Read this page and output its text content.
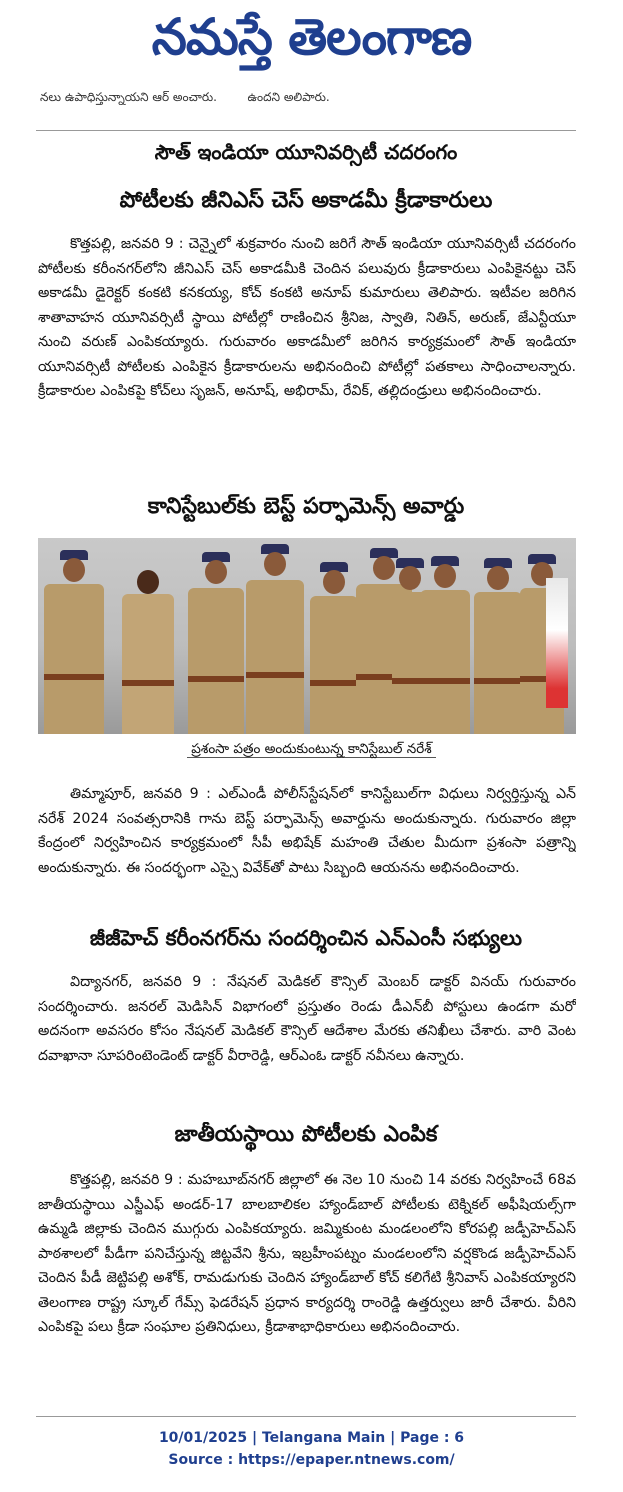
నమస్తే తెలంగాణ
నలు ఉపాధిస్తున్నాయని ఆర్ అంచారు.	ఉందని అలిపారు.
సౌత్ ఇండియా యూనివర్సిటీ చదరంగం
పోటీలకు జీనిఎస్ చెస్ అకాడమీ క్రీడాకారులు
కొత్తపల్లి, జనవరి 9 : చెన్నైలో శుక్రవారం నుంచి జరిగే సౌత్ ఇండియా యూనివర్సిటీ చదరంగం పోటీలకు కరీంనగర్‌లోని జీనిఎస్ చెస్ అకాడమీకి చెందిన పలువురు క్రీడాకారులు ఎంపికైనట్టు చెస్ అకాడమీ డైరెక్టర్ కంకటి కనకయ్య, కోచ్ కంకటి అనూప్ కుమారులు తెలిపారు. ఇటీవల జరిగిన శాతావాహన యూనివర్సిటీ స్థాయి పోటీల్లో రాణించిన శ్రీనిజ, స్వాతి, నితిన్, అరుణ్, జేఎన్టీయూ నుంచి వరుణ్ ఎంపికయ్యారు. గురువారం అకాడమీలో జరిగిన కార్యక్రమంలో సౌత్ ఇండియా యూనివర్సిటీ పోటీలకు ఎంపికైన క్రీడాకారులను అభినందించి పోటీల్లో పతకాలు సాధించాలన్నారు. క్రీడాకారుల ఎంపికపై కోచ్‌లు సృజన్, అనూష్, అభిరామ్, రేవిక్, తల్లిదండ్రులు అభినందించారు.
కానిస్టేబుల్‌కు బెస్ట్ పర్ఫామెన్స్ అవార్డు
ప్రశంసా పత్రం అందుకుంటున్న కానిస్టేబుల్ నరేశ్
తిమ్మాపూర్, జనవరి 9 : ఎల్ఎండీ పోలీస్‌స్టేషన్‌లో కానిస్టేబుల్‌గా విధులు నిర్వర్తిస్తున్న ఎన్ నరేశ్ 2024 సంవత్సరానికి గాను బెస్ట్ పర్ఫామెన్స్ అవార్డును అందుకున్నారు. గురువారం జిల్లా కేంద్రంలో నిర్వహించిన కార్యక్రమంలో సీపీ అభిషేక్ మహంతి చేతుల మీదుగా ప్రశంసా పత్రాన్ని అందుకున్నారు. ఈ సందర్భంగా ఎస్సై వివేక్‌తో పాటు సిబ్బంది ఆయనను అభినందించారు.
జీజీహెచ్ కరీంనగర్‌ను సందర్శించిన ఎన్ఎంసీ సభ్యులు
విద్యానగర్, జనవరి 9 : నేషనల్ మెడికల్ కౌన్సిల్ మెంబర్ డాక్టర్ వినయ్ గురువారం సందర్శించారు. జనరల్ మెడిసిన్ విభాగంలో ప్రస్తుతం రెండు డీఎన్‌బీ పోస్టులు ఉండగా మరో అదనంగా అవసరం కోసం నేషనల్ మెడికల్ కౌన్సిల్ ఆదేశాల మేరకు తనిఖీలు చేశారు. వారి వెంట దవాఖానా సూపరింటెండెంట్ డాక్టర్ వీరారెడ్డి, ఆర్ఎంఓ డాక్టర్ నవీనలు ఉన్నారు.
జాతీయస్థాయి పోటీలకు ఎంపిక
కొత్తపల్లి, జనవరి 9 : మహబూబ్‌నగర్ జిల్లాలో ఈ నెల 10 నుంచి 14 వరకు నిర్వహించే 68వ జాతీయస్థాయి ఎస్జీఎఫ్ అండర్-17 బాలబాలికల హ్యాండ్‌బాల్ పోటీలకు టెక్నికల్ అఫీషియల్స్‌గా ఉమ్మడి జిల్లాకు చెందిన ముగ్గురు ఎంపికయ్యారు. జమ్మికుంట మండలంలోని కోరపల్లి జడ్పీహెచ్ఎస్ పాఠశాలలో పీడీగా పనిచేస్తున్న జిట్టవేని శ్రీను, ఇబ్రహీంపట్నం మండలంలోని వర్షకొండ జడ్పీహెచ్ఎస్ చెందిన పీడీ జెట్టిపల్లి అశోక్, రామడుగుకు చెందిన హ్యాండ్‌బాల్ కోచ్ కలిగేటి శ్రీనివాస్ ఎంపికయ్యారని తెలంగాణ రాష్ట్ర స్కూల్ గేమ్స్ ఫెడరేషన్ ప్రధాన కార్యదర్శి రాంరెడ్డి ఉత్తర్వులు జారీ చేశారు. వీరిని ఎంపికపై పలు క్రీడా సంఘాల ప్రతినిధులు, క్రీడాశాభాధికారులు అభినందించారు.
10/01/2025 | Telangana Main | Page : 6
Source : https://epaper.ntnews.com/
